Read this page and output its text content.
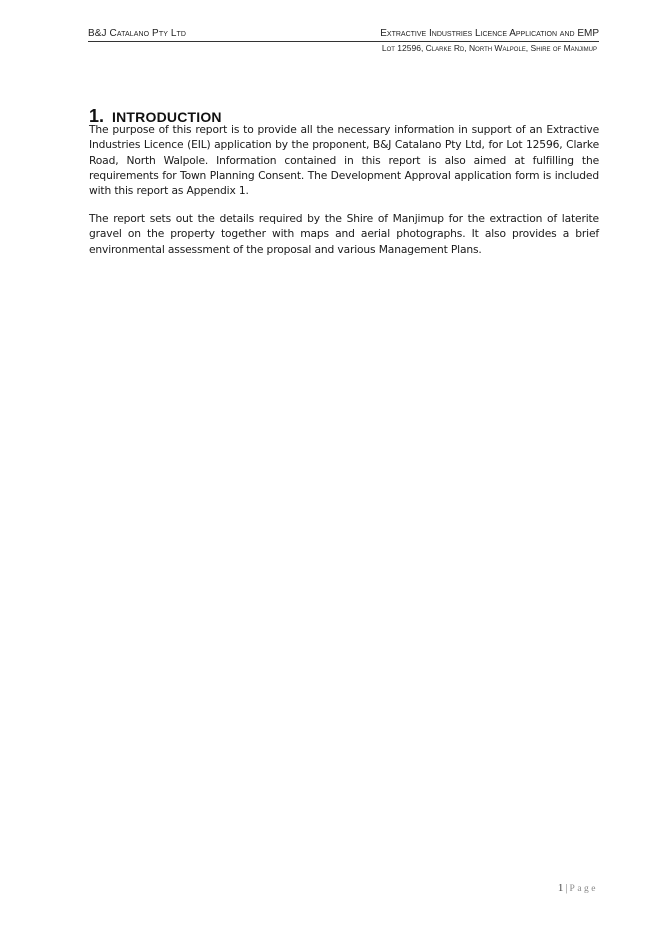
B&J Catalano Pty Ltd	Extractive Industries Licence Application and EMP
Lot 12596, Clarke Rd, North Walpole, Shire of Manjimup
1. INTRODUCTION

The purpose of this report is to provide all the necessary information in support of an Extractive Industries Licence (EIL) application by the proponent, B&J Catalano Pty Ltd, for Lot 12596, Clarke Road, North Walpole. Information contained in this report is also aimed at fulfilling the requirements for Town Planning Consent. The Development Approval application form is included with this report as Appendix 1.

The report sets out the details required by the Shire of Manjimup for the extraction of laterite gravel on the property together with maps and aerial photographs. It also provides a brief environmental assessment of the proposal and various Management Plans.

1 | Page
